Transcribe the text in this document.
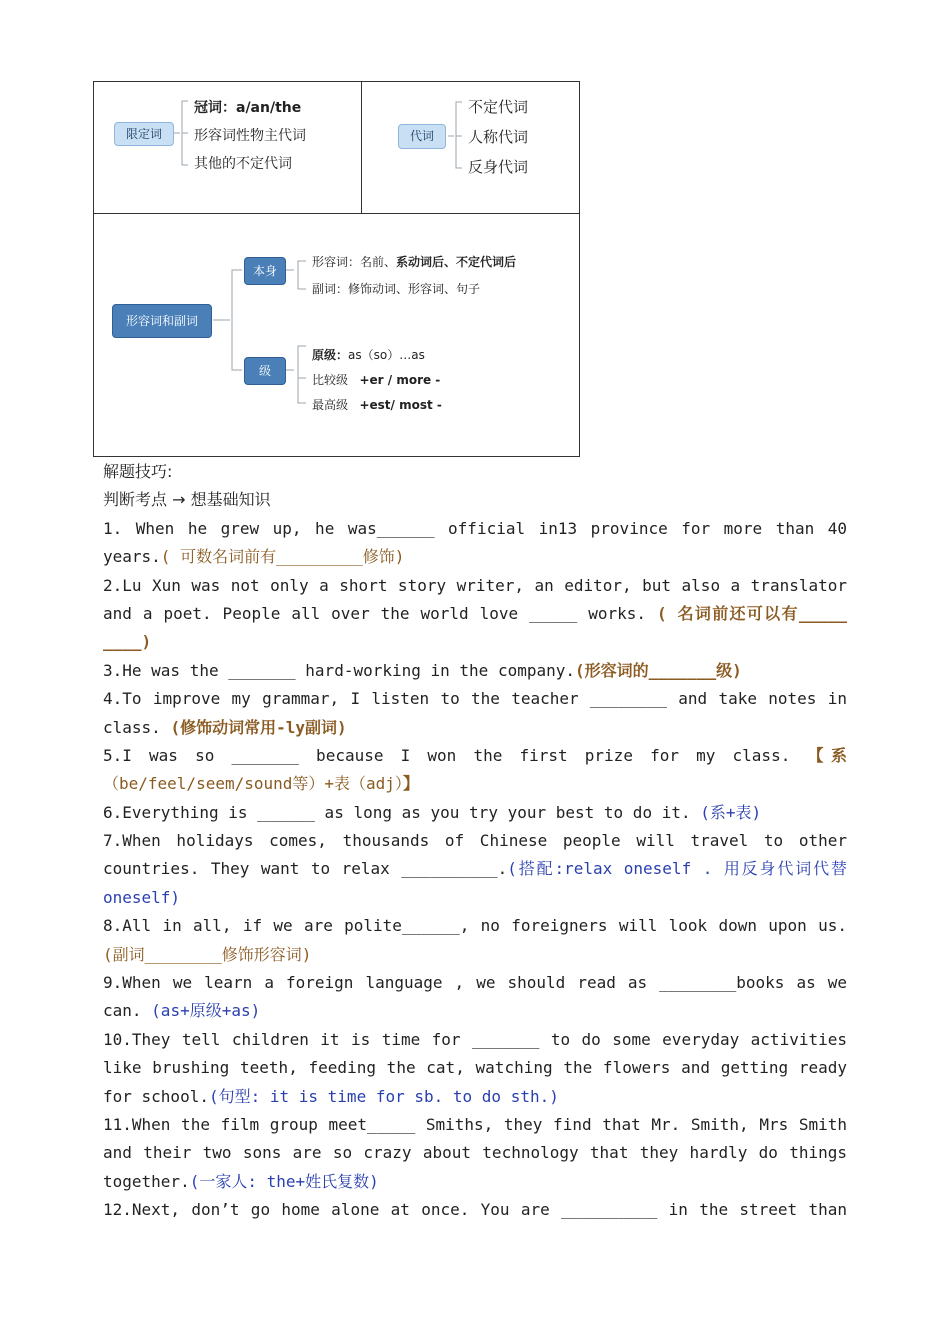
限定词
冠词：a/an/the
形容词性物主代词
其他的不定代词
代词
不定代词
人称代词
反身代词
形容词和副词
本身
级
形容词：名前、系动词后、不定代词后
副词：修饰动词、形容词、句子
原级：as（so）…as
比较级 +er / more -
最高级 +est/ most -
解题技巧:
判断考点 → 想基础知识
1. When he grew up, he was______ official in13 province for more than 40
years.( 可数名词前有_________修饰)
2.Lu Xun was not only a short story writer, an editor, but also a translator
and a poet. People all over the world love _____ works. ( 名词前还可以有_____
____)
3.He was the _______ hard-working in the company.(形容词的_______级)
4.To improve my grammar, I listen to the teacher ________ and take notes in
class. (修饰动词常用-ly副词)
5.I was so _______ because I won the first prize for my class. 【系
（be/feel/seem/sound等）+表（adj）】
6.Everything is ______ as long as you try your best to do it. (系+表)
7.When holidays comes, thousands of Chinese people will travel to other
countries. They want to relax __________.(搭配:relax oneself . 用反身代词代替
oneself)
8.All in all, if we are polite______, no foreigners will look down upon us.
(副词________修饰形容词)
9.When we learn a foreign language , we should read as ________books as we
can. (as+原级+as)
10.They tell children it is time for _______ to do some everyday activities
like brushing teeth, feeding the cat, watching the flowers and getting ready
for school.(句型: it is time for sb. to do sth.)
11.When the film group meet_____ Smiths, they find that Mr. Smith, Mrs Smith
and their two sons are so crazy about technology that they hardly do things
together.(一家人: the+姓氏复数)
12.Next, don’t go home alone at once. You are __________ in the street than
